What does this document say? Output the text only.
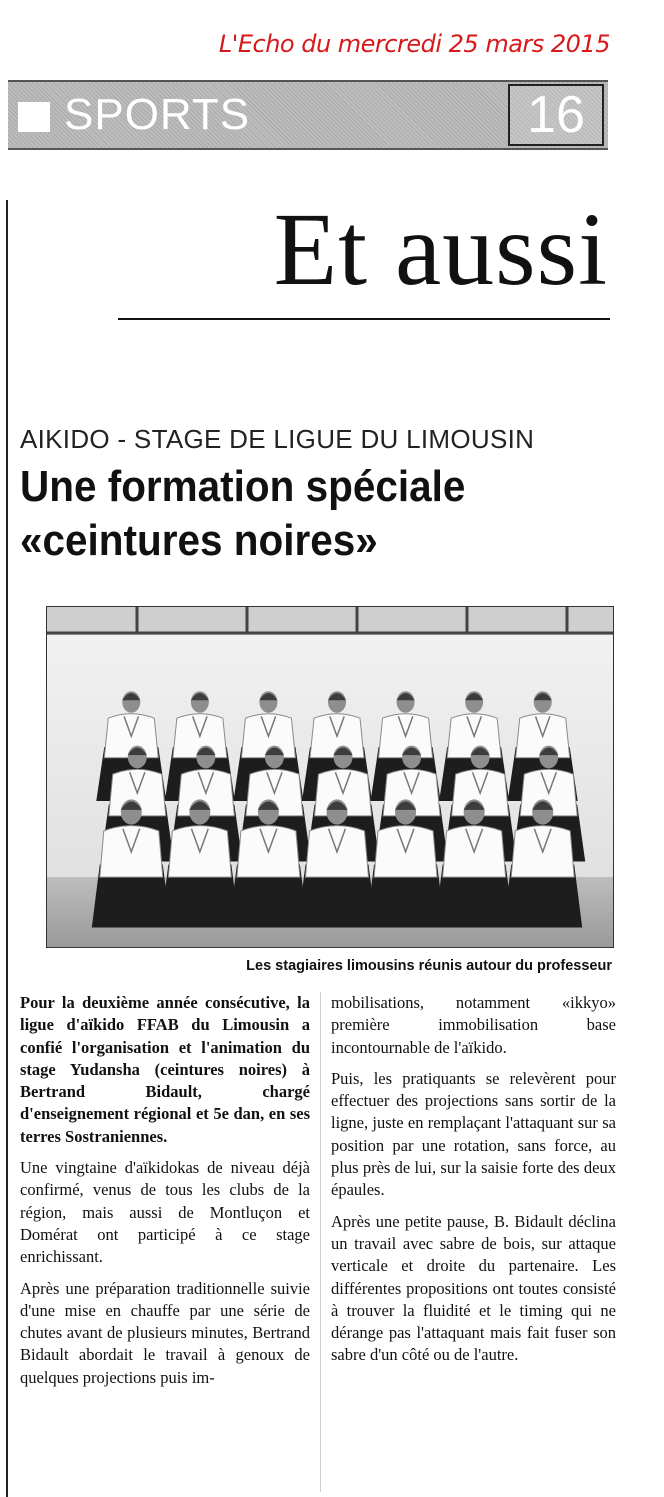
L'Echo du mercredi 25 mars 2015
SPORTS	16
Et aussi
AIKIDO - STAGE DE LIGUE DU LIMOUSIN
Une formation spéciale
«ceintures noires»
Les stagiaires limousins réunis autour du professeur

Pour la deuxième année consécutive, la ligue d'aïkido FFAB du Limousin a confié l'organisation et l'animation du stage Yudansha (ceintures noires) à Bertrand Bidault, chargé d'enseignement régional et 5e dan, en ses terres Sostraniennes.

Une vingtaine d'aïkidokas de niveau déjà confirmé, venus de tous les clubs de la région, mais aussi de Montluçon et Domérat ont participé à ce stage enrichissant.

Après une préparation traditionnelle suivie d'une mise en chauffe par une série de chutes avant de plusieurs minutes, Bertrand Bidault abordait le travail à genoux de quelques projections puis im-

mobilisations, notamment «ikkyo» première immobilisation base incontournable de l'aïkido.

Puis, les pratiquants se relevèrent pour effectuer des projections sans sortir de la ligne, juste en remplaçant l'attaquant sur sa position par une rotation, sans force, au plus près de lui, sur la saisie forte des deux épaules.

Après une petite pause, B. Bidault déclina un travail avec sabre de bois, sur attaque verticale et droite du partenaire. Les différentes propositions ont toutes consisté à trouver la fluidité et le timing qui ne dérange pas l'attaquant mais fait fuser son sabre d'un côté ou de l'autre.
